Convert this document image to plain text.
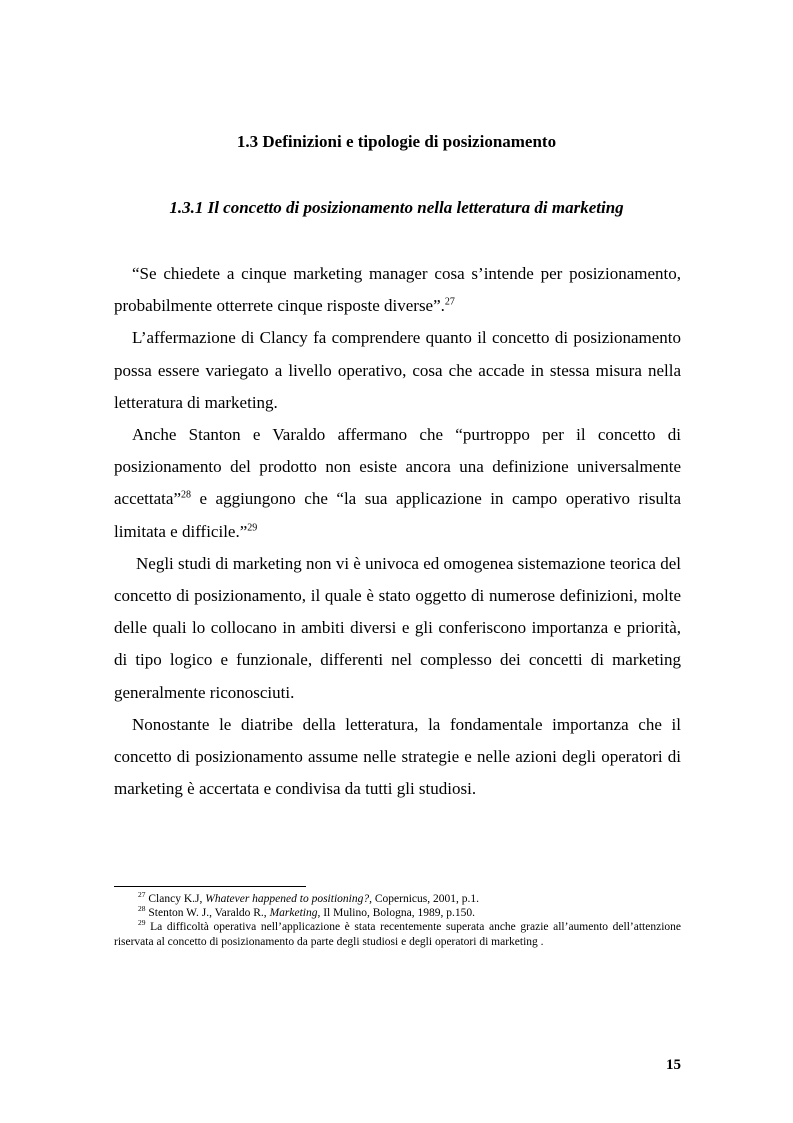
1.3 Definizioni e tipologie di posizionamento
1.3.1 Il concetto di posizionamento nella letteratura di marketing

“Se chiedete a cinque marketing manager cosa s’intende per posizionamento, probabilmente otterrete cinque risposte diverse”.$^{27}$

L’affermazione di Clancy fa comprendere quanto il concetto di posizionamento possa essere variegato a livello operativo, cosa che accade in stessa misura nella letteratura di marketing.

Anche Stanton e Varaldo affermano che “purtroppo per il concetto di posizionamento del prodotto non esiste ancora una definizione universalmente accettata”$^{28}$ e aggiungono che “la sua applicazione in campo operativo risulta limitata e difficile.”$^{29}$

Negli studi di marketing non vi è univoca ed omogenea sistemazione teorica del concetto di posizionamento, il quale è stato oggetto di numerose definizioni, molte delle quali lo collocano in ambiti diversi e gli conferiscono importanza e priorità, di tipo logico e funzionale, differenti nel complesso dei concetti di marketing generalmente riconosciuti.

Nonostante le diatribe della letteratura, la fondamentale importanza che il concetto di posizionamento assume nelle strategie e nelle azioni degli operatori di marketing è accertata e condivisa da tutti gli studiosi.

$^{27}$ Clancy K.J, Whatever happened to positioning?, Copernicus, 2001, p.1.

$^{28}$ Stenton W. J., Varaldo R., Marketing, Il Mulino, Bologna, 1989, p.150.

$^{29}$ La difficoltà operativa nell’applicazione è stata recentemente superata anche grazie all’aumento dell’attenzione riservata al concetto di posizionamento da parte degli studiosi e degli operatori di marketing .

15
